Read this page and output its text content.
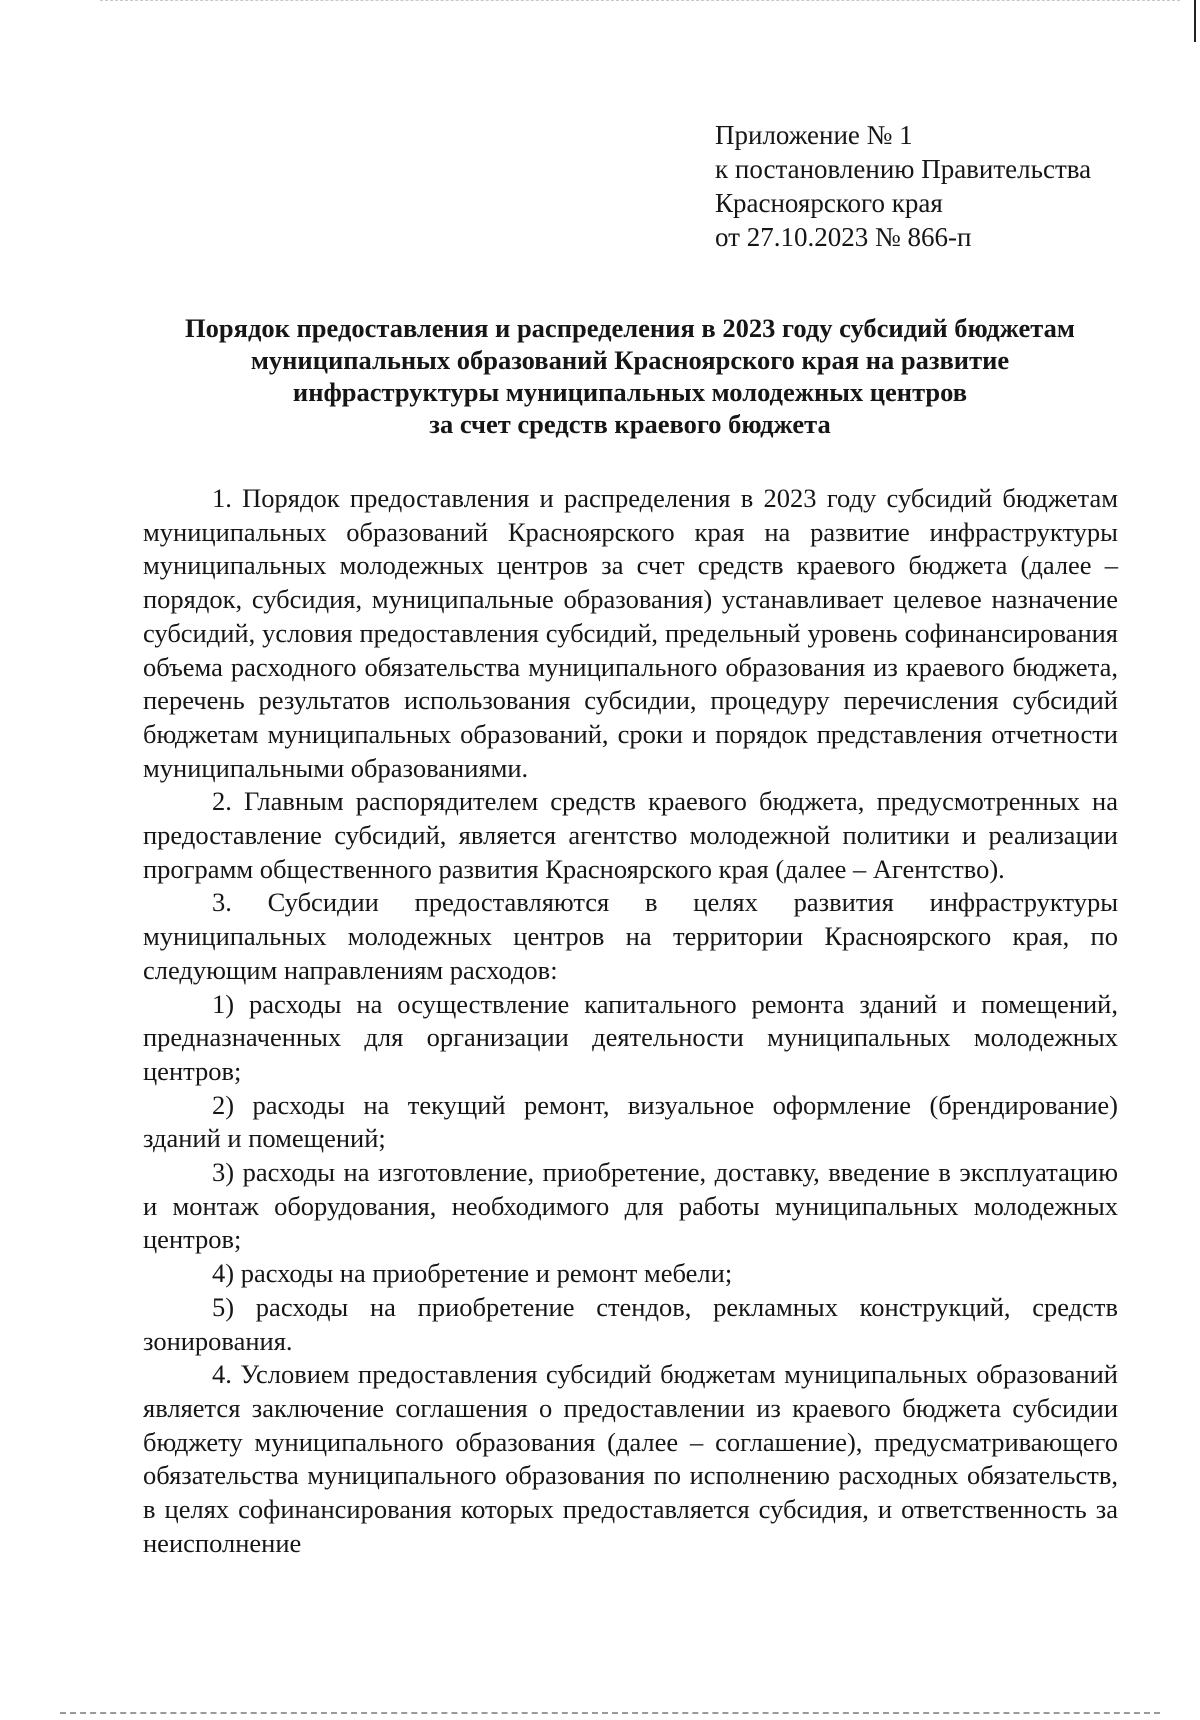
Приложение № 1
к постановлению Правительства
Красноярского края
от 27.10.2023 № 866-п
Порядок предоставления и распределения в 2023 году субсидий бюджетам
муниципальных образований Красноярского края на развитие
инфраструктуры муниципальных молодежных центров
за счет средств краевого бюджета

1. Порядок предоставления и распределения в 2023 году субсидий бюджетам муниципальных образований Красноярского края на развитие инфраструктуры муниципальных молодежных центров за счет средств краевого бюджета (далее – порядок, субсидия, муниципальные образования) устанавливает целевое назначение субсидий, условия предоставления субсидий, предельный уровень софинансирования объема расходного обязательства муниципального образования из краевого бюджета, перечень результатов использования субсидии, процедуру перечисления субсидий бюджетам муниципальных образований, сроки и порядок представления отчетности муниципальными образованиями.

2. Главным распорядителем средств краевого бюджета, предусмотренных на предоставление субсидий, является агентство молодежной политики и реализации программ общественного развития Красноярского края (далее – Агентство).

3. Субсидии предоставляются в целях развития инфраструктуры муниципальных молодежных центров на территории Красноярского края, по следующим направлениям расходов:

1) расходы на осуществление капитального ремонта зданий и помещений, предназначенных для организации деятельности муниципальных молодежных центров;

2) расходы на текущий ремонт, визуальное оформление (брендирование) зданий и помещений;

3) расходы на изготовление, приобретение, доставку, введение в эксплуатацию и монтаж оборудования, необходимого для работы муниципальных молодежных центров;

4) расходы на приобретение и ремонт мебели;

5) расходы на приобретение стендов, рекламных конструкций, средств зонирования.

4. Условием предоставления субсидий бюджетам муниципальных образований является заключение соглашения о предоставлении из краевого бюджета субсидии бюджету муниципального образования (далее – соглашение), предусматривающего обязательства муниципального образования по исполнению расходных обязательств, в целях софинансирования которых предоставляется субсидия, и ответственность за неисполнение
